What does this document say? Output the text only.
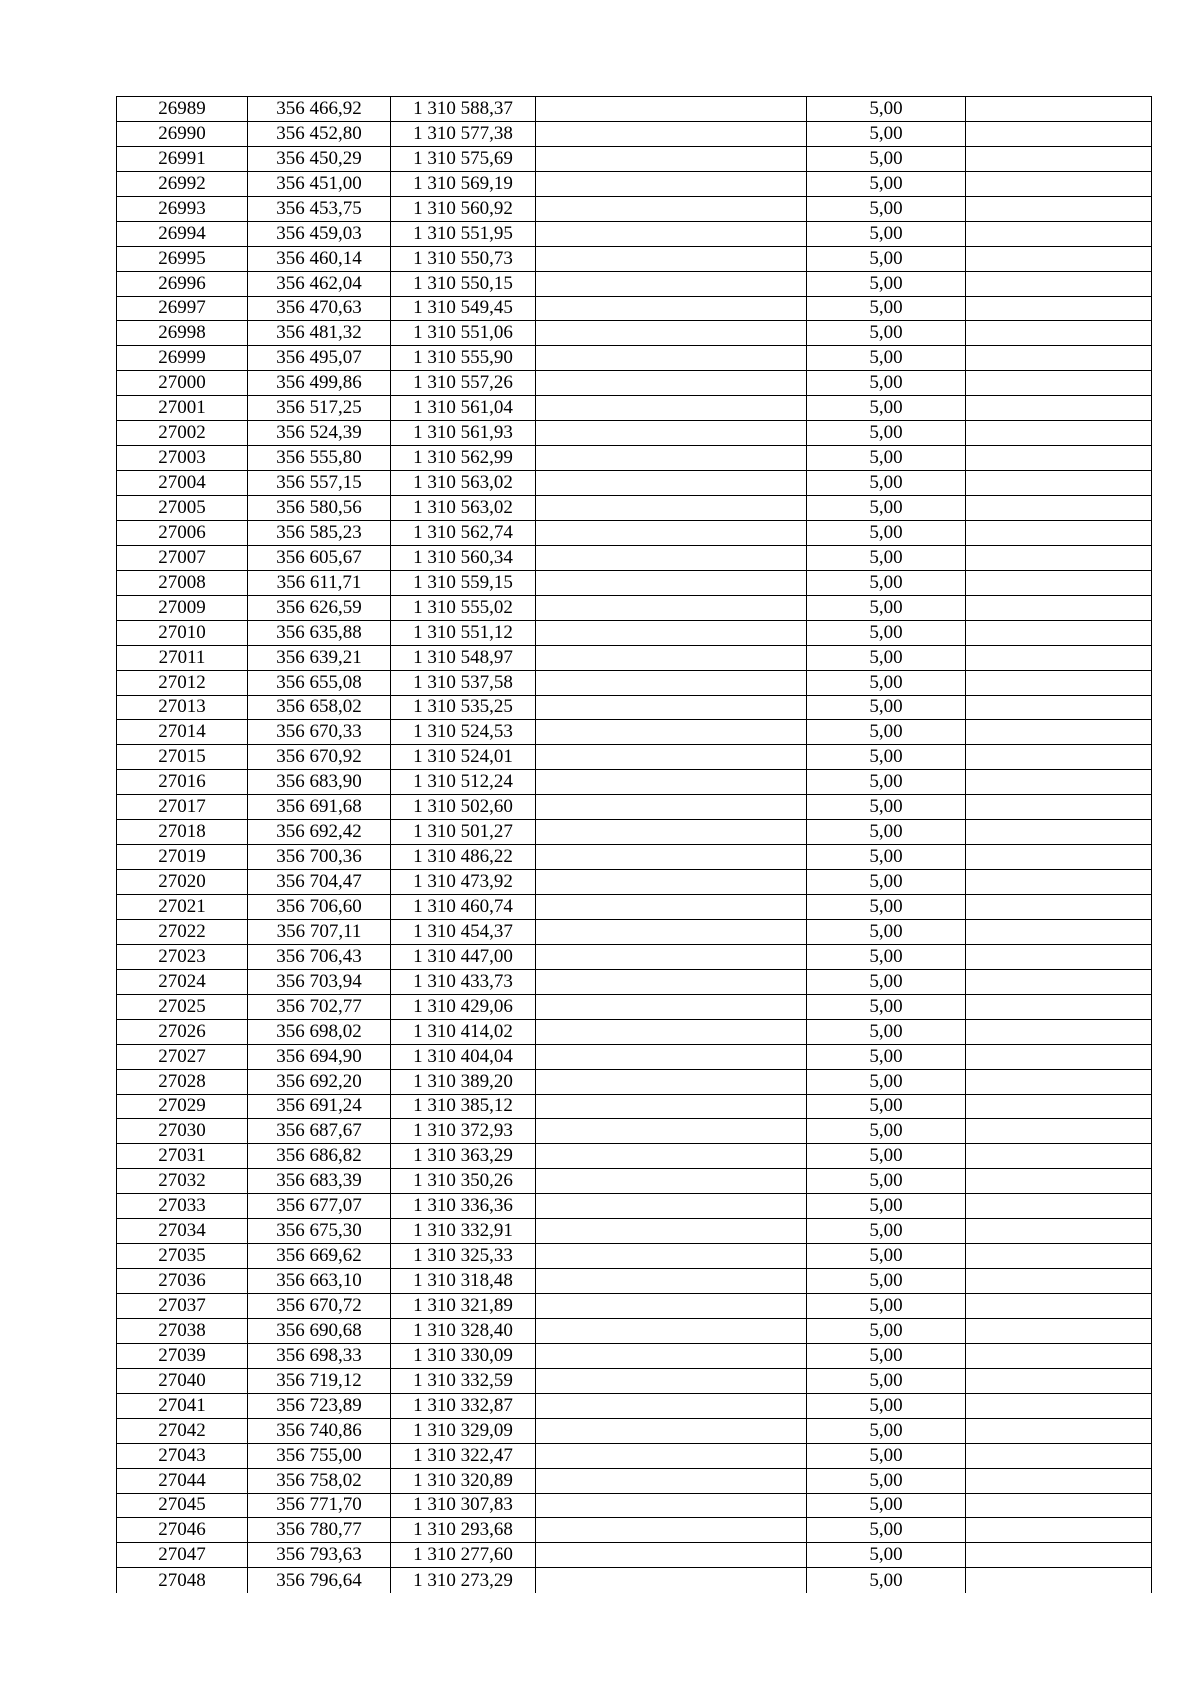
26989	356 466,92	1 310 588,37		5,00	
26990	356 452,80	1 310 577,38		5,00	
26991	356 450,29	1 310 575,69		5,00	
26992	356 451,00	1 310 569,19		5,00	
26993	356 453,75	1 310 560,92		5,00	
26994	356 459,03	1 310 551,95		5,00	
26995	356 460,14	1 310 550,73		5,00	
26996	356 462,04	1 310 550,15		5,00	
26997	356 470,63	1 310 549,45		5,00	
26998	356 481,32	1 310 551,06		5,00	
26999	356 495,07	1 310 555,90		5,00	
27000	356 499,86	1 310 557,26		5,00	
27001	356 517,25	1 310 561,04		5,00	
27002	356 524,39	1 310 561,93		5,00	
27003	356 555,80	1 310 562,99		5,00	
27004	356 557,15	1 310 563,02		5,00	
27005	356 580,56	1 310 563,02		5,00	
27006	356 585,23	1 310 562,74		5,00	
27007	356 605,67	1 310 560,34		5,00	
27008	356 611,71	1 310 559,15		5,00	
27009	356 626,59	1 310 555,02		5,00	
27010	356 635,88	1 310 551,12		5,00	
27011	356 639,21	1 310 548,97		5,00	
27012	356 655,08	1 310 537,58		5,00	
27013	356 658,02	1 310 535,25		5,00	
27014	356 670,33	1 310 524,53		5,00	
27015	356 670,92	1 310 524,01		5,00	
27016	356 683,90	1 310 512,24		5,00	
27017	356 691,68	1 310 502,60		5,00	
27018	356 692,42	1 310 501,27		5,00	
27019	356 700,36	1 310 486,22		5,00	
27020	356 704,47	1 310 473,92		5,00	
27021	356 706,60	1 310 460,74		5,00	
27022	356 707,11	1 310 454,37		5,00	
27023	356 706,43	1 310 447,00		5,00	
27024	356 703,94	1 310 433,73		5,00	
27025	356 702,77	1 310 429,06		5,00	
27026	356 698,02	1 310 414,02		5,00	
27027	356 694,90	1 310 404,04		5,00	
27028	356 692,20	1 310 389,20		5,00	
27029	356 691,24	1 310 385,12		5,00	
27030	356 687,67	1 310 372,93		5,00	
27031	356 686,82	1 310 363,29		5,00	
27032	356 683,39	1 310 350,26		5,00	
27033	356 677,07	1 310 336,36		5,00	
27034	356 675,30	1 310 332,91		5,00	
27035	356 669,62	1 310 325,33		5,00	
27036	356 663,10	1 310 318,48		5,00	
27037	356 670,72	1 310 321,89		5,00	
27038	356 690,68	1 310 328,40		5,00	
27039	356 698,33	1 310 330,09		5,00	
27040	356 719,12	1 310 332,59		5,00	
27041	356 723,89	1 310 332,87		5,00	
27042	356 740,86	1 310 329,09		5,00	
27043	356 755,00	1 310 322,47		5,00	
27044	356 758,02	1 310 320,89		5,00	
27045	356 771,70	1 310 307,83		5,00	
27046	356 780,77	1 310 293,68		5,00	
27047	356 793,63	1 310 277,60		5,00	
27048	356 796,64	1 310 273,29		5,00	
